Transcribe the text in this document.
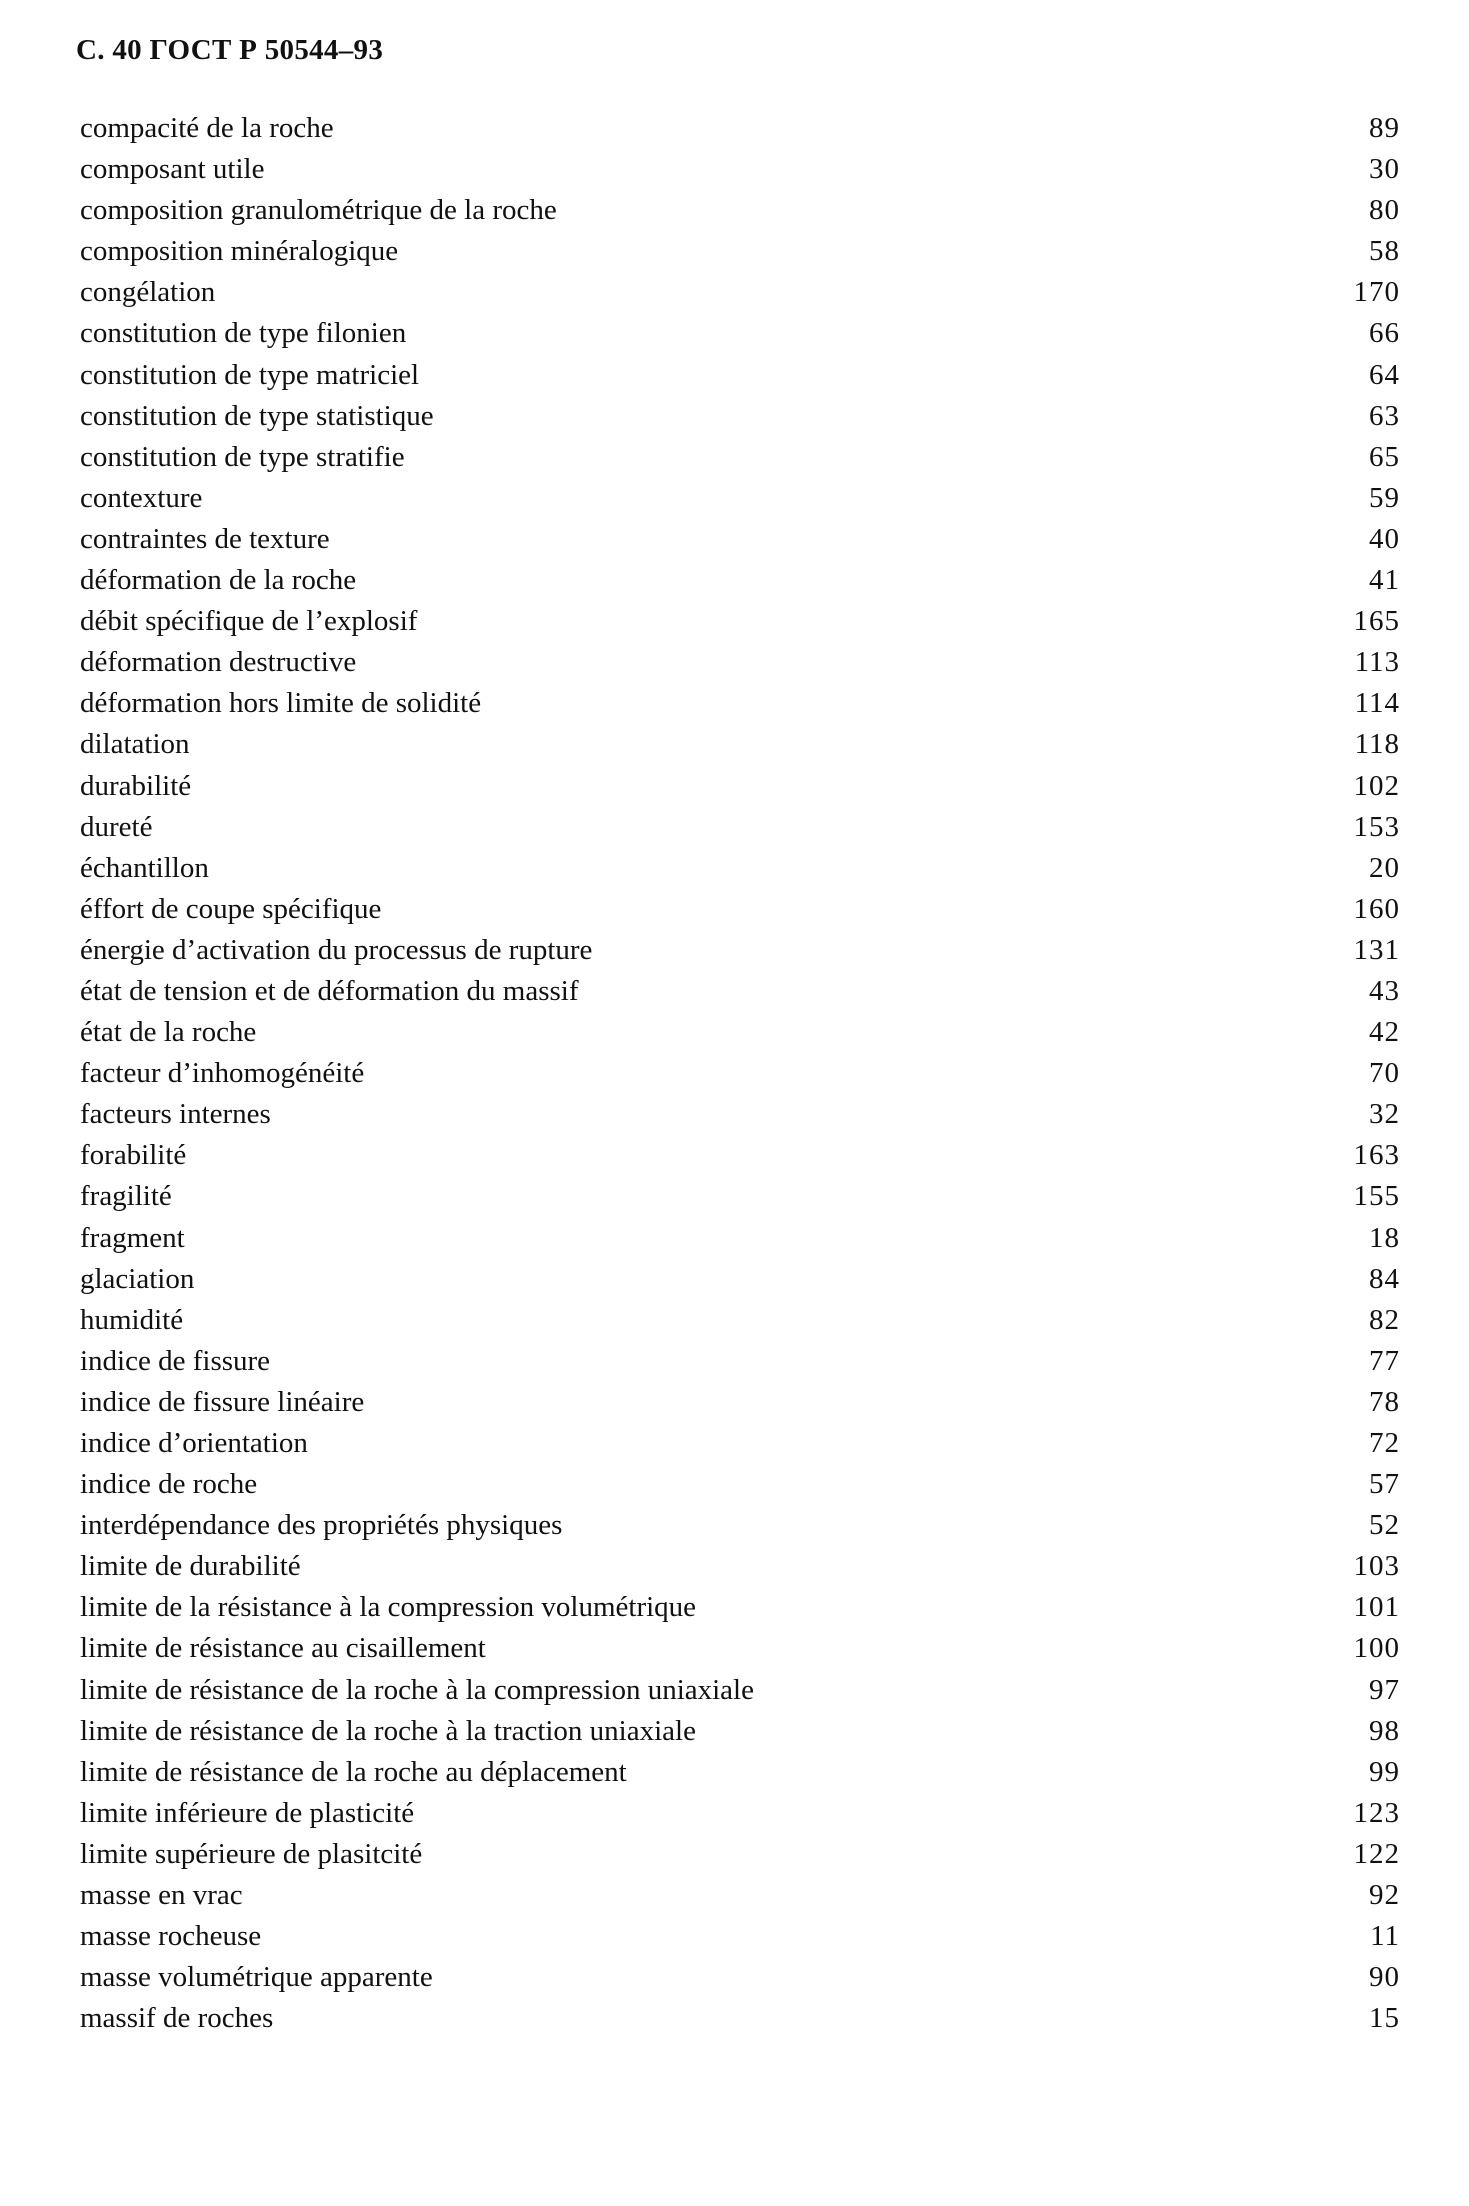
С. 40 ГОСТ Р 50544–93
compacité de la roche	89
composant utile	30
composition granulométrique de la roche	80
composition minéralogique	58
congélation	170
constitution de type filonien	66
constitution de type matriciel	64
constitution de type statistique	63
constitution de type stratifie	65
contexture	59
contraintes de texture	40
déformation de la roche	41
débit spécifique de l’explosif	165
déformation destructive	113
déformation hors limite de solidité	114
dilatation	118
durabilité	102
dureté	153
échantillon	20
éffort de coupe spécifique	160
énergie d’activation du processus de rupture	131
état de tension et de déformation du massif	43
état de la roche	42
facteur d’inhomogénéité	70
facteurs internes	32
forabilité	163
fragilité	155
fragment	18
glaciation	84
humidité	82
indice de fissure	77
indice de fissure linéaire	78
indice d’orientation	72
indice de roche	57
interdépendance des propriétés physiques	52
limite de durabilité	103
limite de la résistance à la compression volumétrique	101
limite de résistance au cisaillement	100
limite de résistance de la roche à la compression uniaxiale	97
limite de résistance de la roche à la traction uniaxiale	98
limite de résistance de la roche au déplacement	99
limite inférieure de plasticité	123
limite supérieure de plasitcité	122
masse en vrac	92
masse rocheuse	11
masse volumétrique apparente	90
massif de roches	15
